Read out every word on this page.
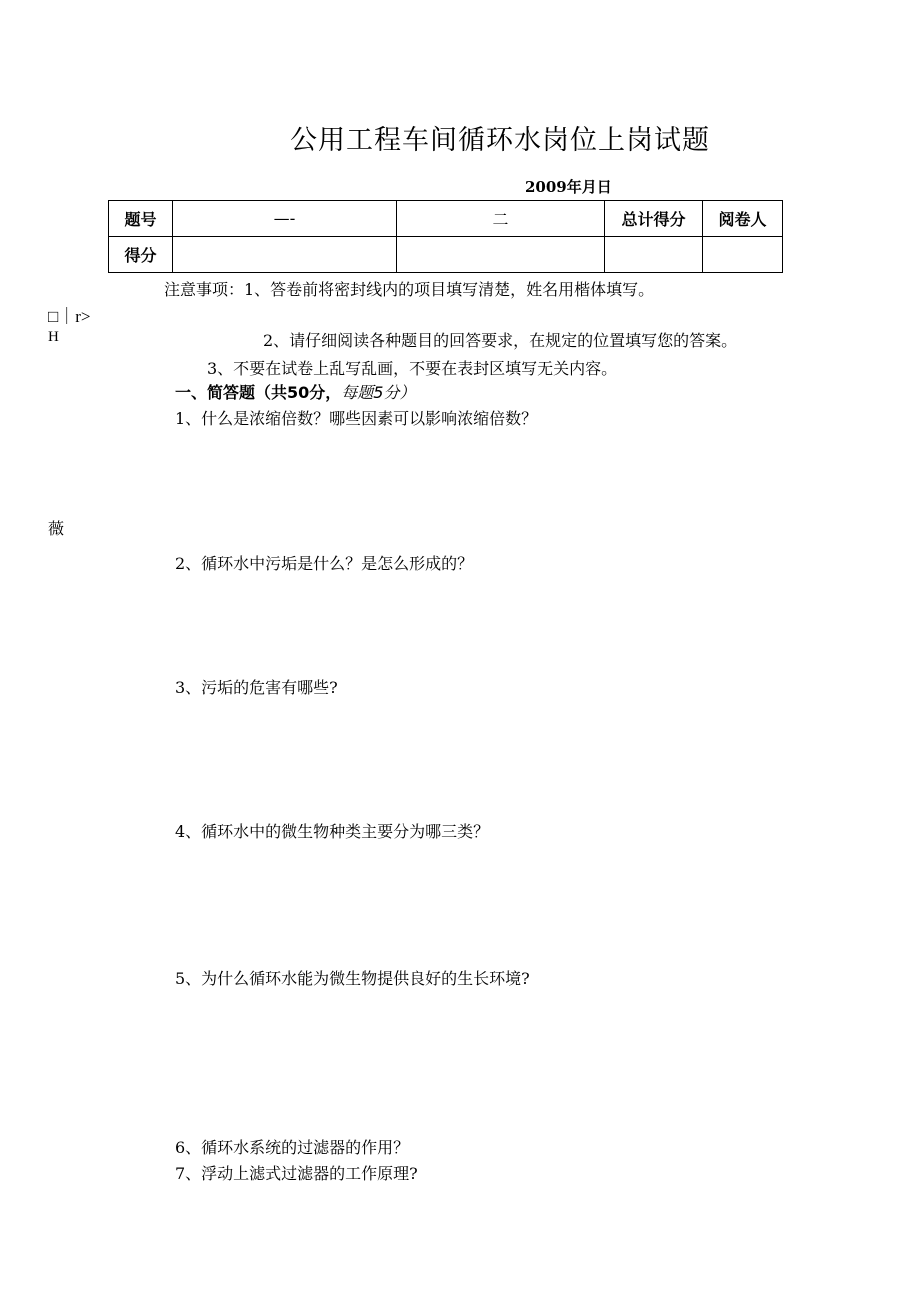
公用工程车间循环水岗位上岗试题
2009年月日
题号	—-	二	总计得分	阅卷人
得分				
注意事项：1、答卷前将密封线内的项目填写清楚，姓名用楷体填写。
□｜r>
H	2、请仔细阅读各种题目的回答要求，在规定的位置填写您的答案。
3、不要在试卷上乱写乱画，不要在表封区填写无关内容。
一、简答题（共50分，每题5分）
1、什么是浓缩倍数？哪些因素可以影响浓缩倍数？
薇
2、循环水中污垢是什么？是怎么形成的？
3、污垢的危害有哪些?
4、循环水中的微生物种类主要分为哪三类？
5、为什么循环水能为微生物提供良好的生长环境?
6、循环水系统的过滤器的作用？
7、浮动上滤式过滤器的工作原理?
